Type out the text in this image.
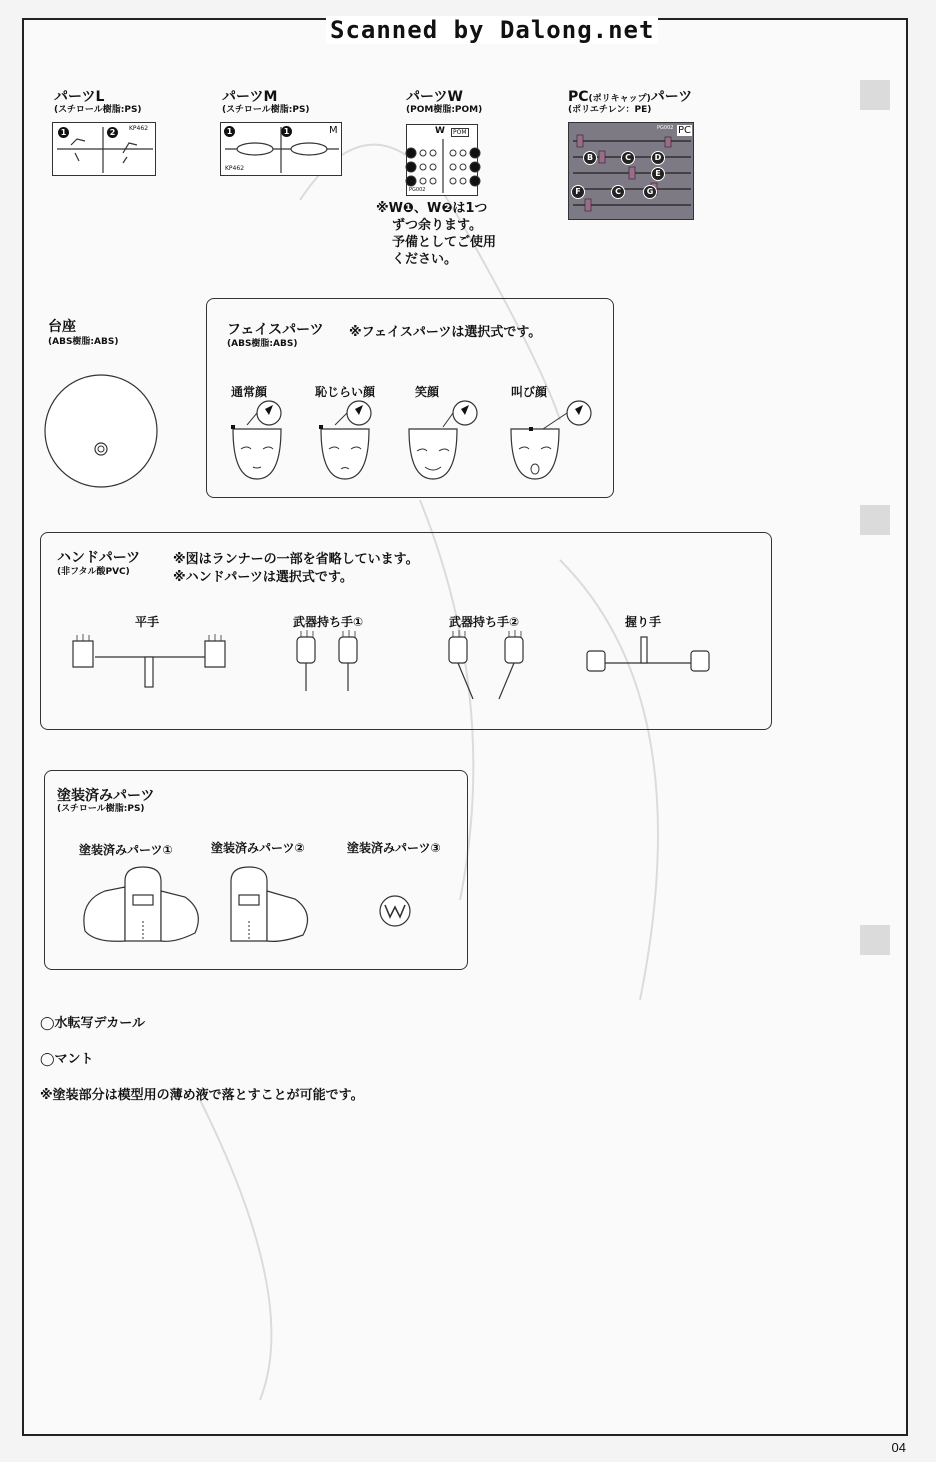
Scanned by Dalong.net
パーツL
(スチロール樹脂:PS)
1	2	KP462
パーツM
(スチロール樹脂:PS)
1	1	M
KP462
パーツW
(POM樹脂:POM)
W	POM
PG002
※W❶、W❷は1つ
ずつ余ります。
予備としてご使用
ください。
PC(ポリキャップ)パーツ
(ポリエチレン：PE)
PC
PG002
B	C	D
E
F	C	G
台座
(ABS樹脂:ABS)
フェイスパーツ
(ABS樹脂:ABS)
※フェイスパーツは選択式です。
通常顔	恥じらい顔	笑顔	叫び顔
ハンドパーツ
(非フタル酸PVC)
※図はランナーの一部を省略しています。
※ハンドパーツは選択式です。
平手	武器持ち手①	武器持ち手②	握り手
塗装済みパーツ
(スチロール樹脂:PS)
塗装済みパーツ①	塗装済みパーツ②	塗装済みパーツ③
◯水転写デカール
◯マント
※塗装部分は模型用の薄め液で落とすことが可能です。
04
